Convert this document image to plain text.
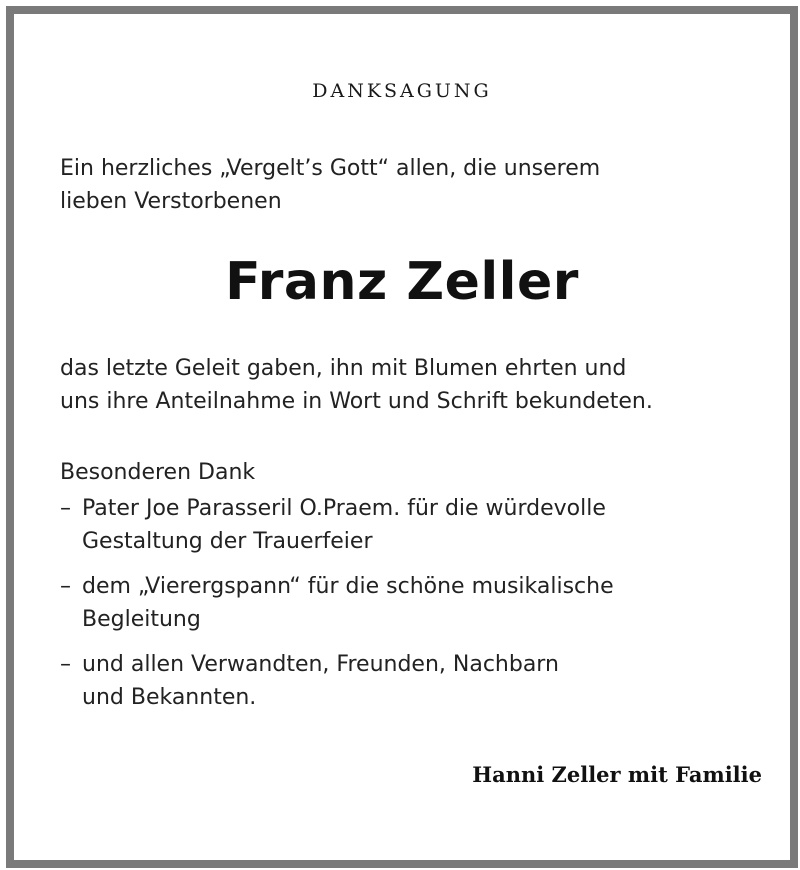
DANKSAGUNG
Ein herzliches „Vergelt’s Gott“ allen, die unserem
lieben Verstorbenen
Franz Zeller
das letzte Geleit gaben, ihn mit Blumen ehrten und
uns ihre Anteilnahme in Wort und Schrift bekundeten.
Besonderen Dank
– Pater Joe Parasseril O.Praem. für die würdevolle
Gestaltung der Trauerfeier
– dem „Vierergspann“ für die schöne musikalische
Begleitung
– und allen Verwandten, Freunden, Nachbarn
und Bekannten.
Hanni Zeller mit Familie
